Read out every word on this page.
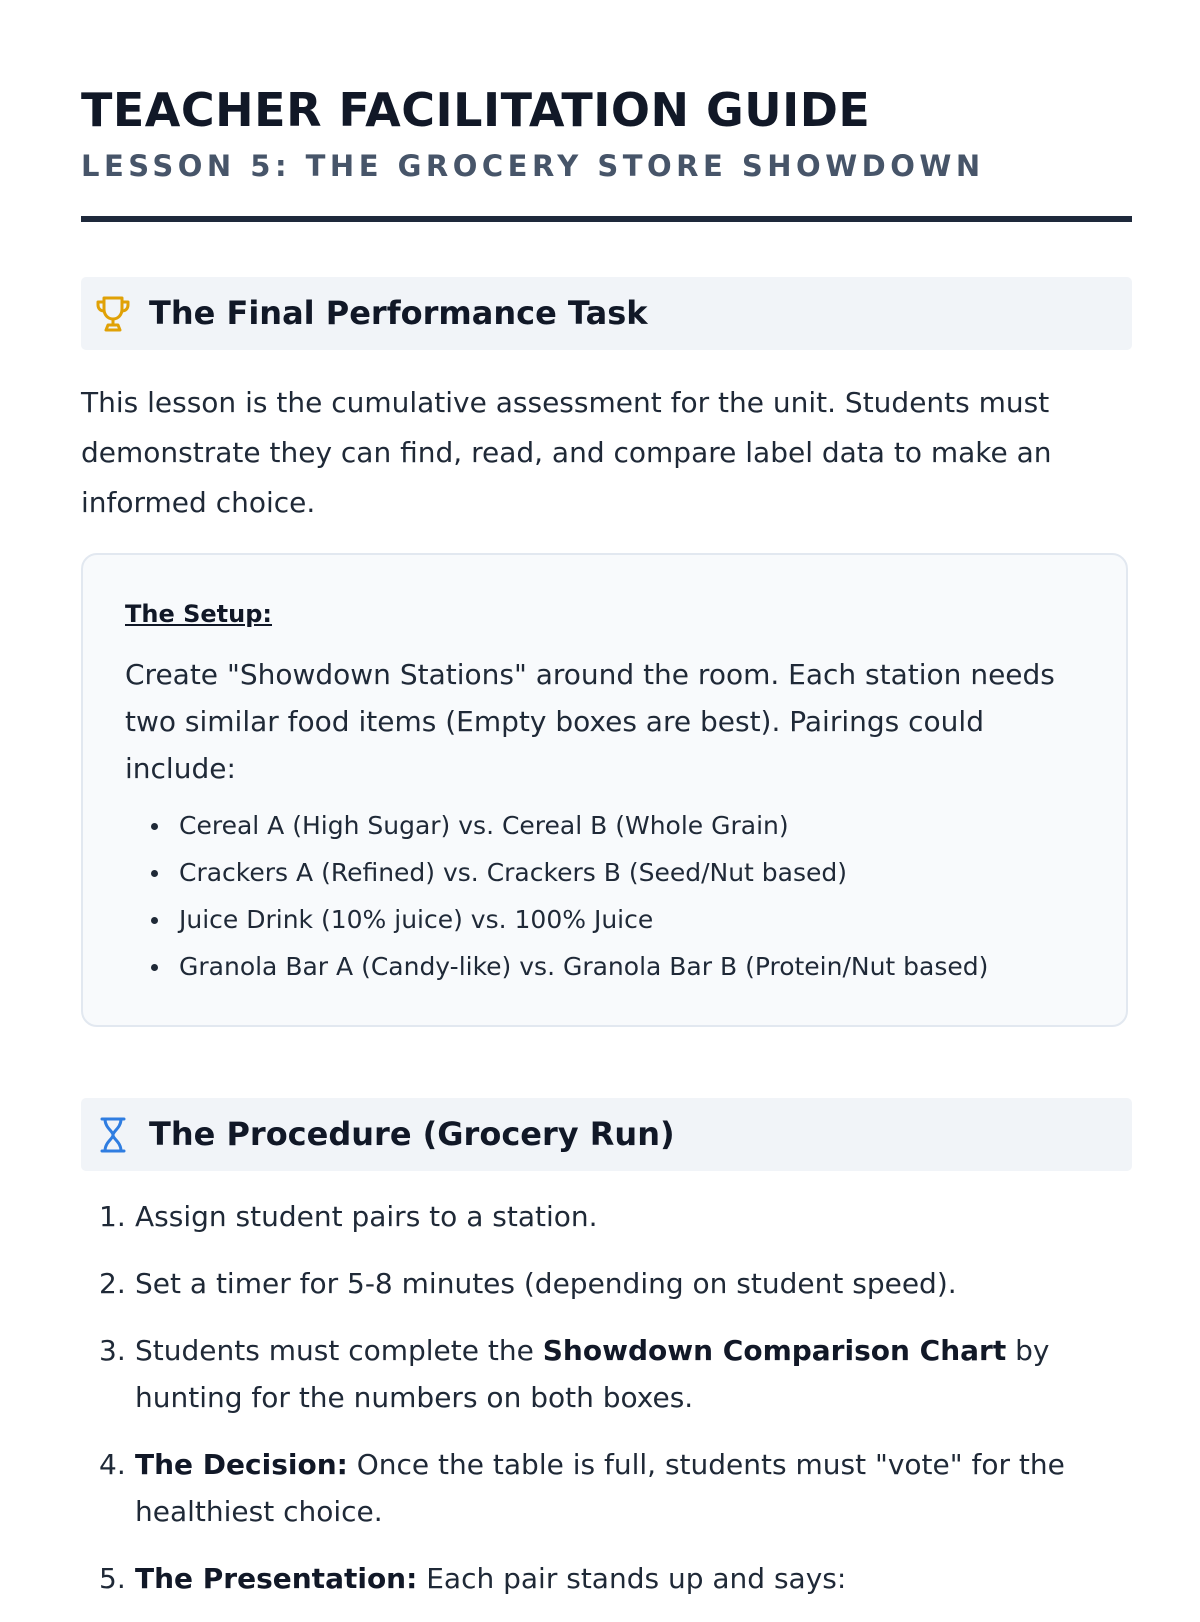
TEACHER FACILITATION GUIDE
LESSON 5: THE GROCERY STORE SHOWDOWN
The Final Performance Task

This lesson is the cumulative assessment for the unit. Students must demonstrate they can find, read, and compare label data to make an informed choice.

The Setup:

Create "Showdown Stations" around the room. Each station needs two similar food items (Empty boxes are best). Pairings could include:

Cereal A (High Sugar) vs. Cereal B (Whole Grain)
Crackers A (Refined) vs. Crackers B (Seed/Nut based)
Juice Drink (10% juice) vs. 100% Juice
Granola Bar A (Candy-like) vs. Granola Bar B (Protein/Nut based)
The Procedure (Grocery Run)
1. Assign student pairs to a station.
2. Set a timer for 5-8 minutes (depending on student speed).
3. Students must complete the Showdown Comparison Chart by hunting for the numbers on both boxes.
4. The Decision: Once the table is full, students must "vote" for the healthiest choice.
5. The Presentation: Each pair stands up and says:
